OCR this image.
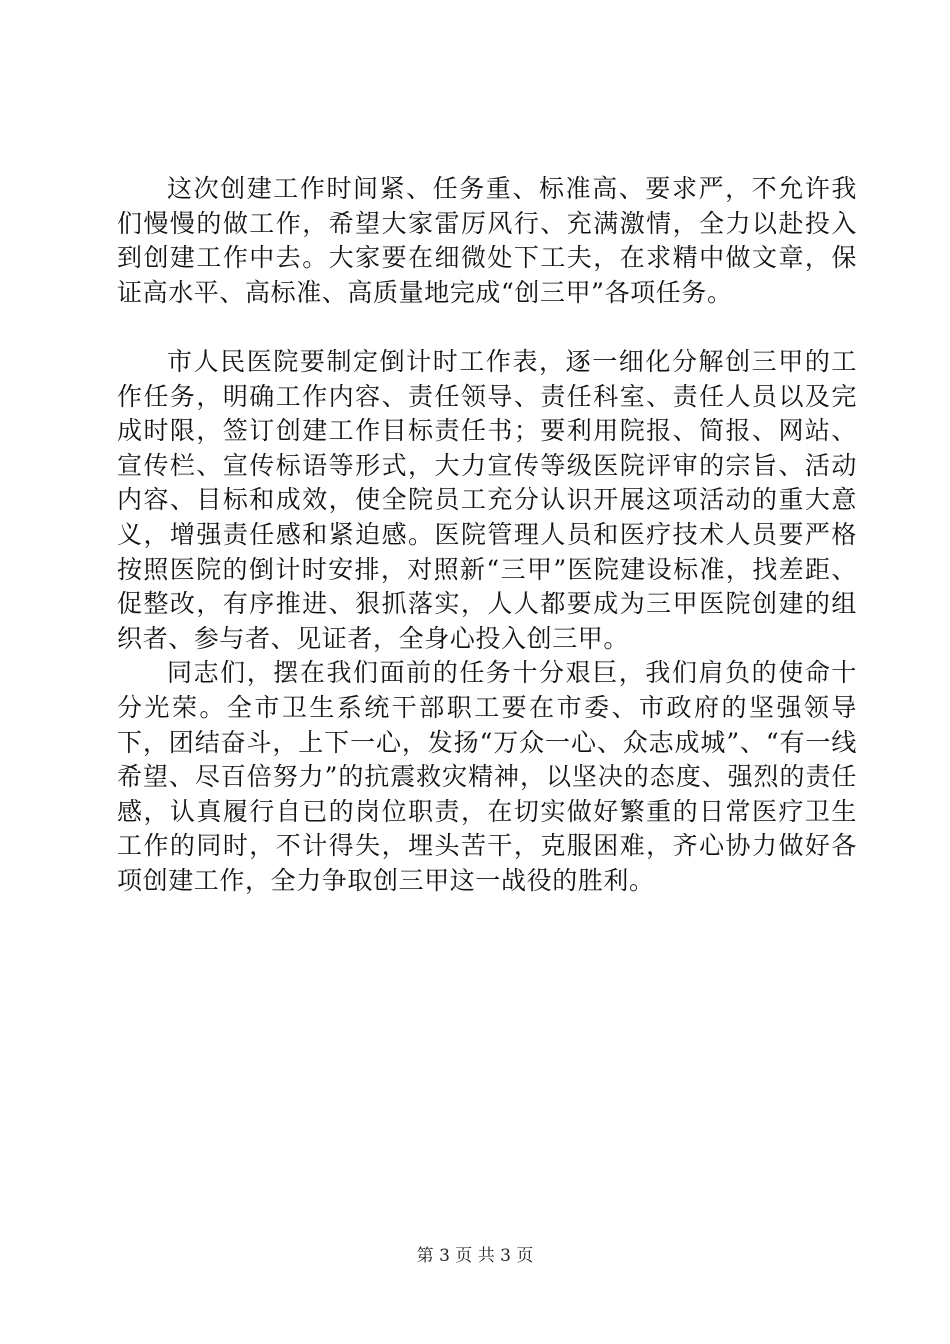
这次创建工作时间紧、任务重、标准高、要求严，不允许我们慢慢的做工作，希望大家雷厉风行、充满激情，全力以赴投入到创建工作中去。大家要在细微处下工夫，在求精中做文章，保证高水平、高标准、高质量地完成“创三甲”各项任务。

市人民医院要制定倒计时工作表，逐一细化分解创三甲的工作任务，明确工作内容、责任领导、责任科室、责任人员以及完成时限，签订创建工作目标责任书；要利用院报、简报、网站、宣传栏、宣传标语等形式，大力宣传等级医院评审的宗旨、活动内容、目标和成效，使全院员工充分认识开展这项活动的重大意义，增强责任感和紧迫感。医院管理人员和医疗技术人员要严格按照医院的倒计时安排，对照新“三甲”医院建设标准，找差距、促整改，有序推进、狠抓落实，人人都要成为三甲医院创建的组织者、参与者、见证者，全身心投入创三甲。

同志们，摆在我们面前的任务十分艰巨，我们肩负的使命十分光荣。全市卫生系统干部职工要在市委、市政府的坚强领导下，团结奋斗，上下一心，发扬“万众一心、众志成城”、“有一线希望、尽百倍努力”的抗震救灾精神，以坚决的态度、强烈的责任感，认真履行自已的岗位职责，在切实做好繁重的日常医疗卫生工作的同时，不计得失，埋头苦干，克服困难，齐心协力做好各项创建工作，全力争取创三甲这一战役的胜利。

第 3 页 共 3 页
